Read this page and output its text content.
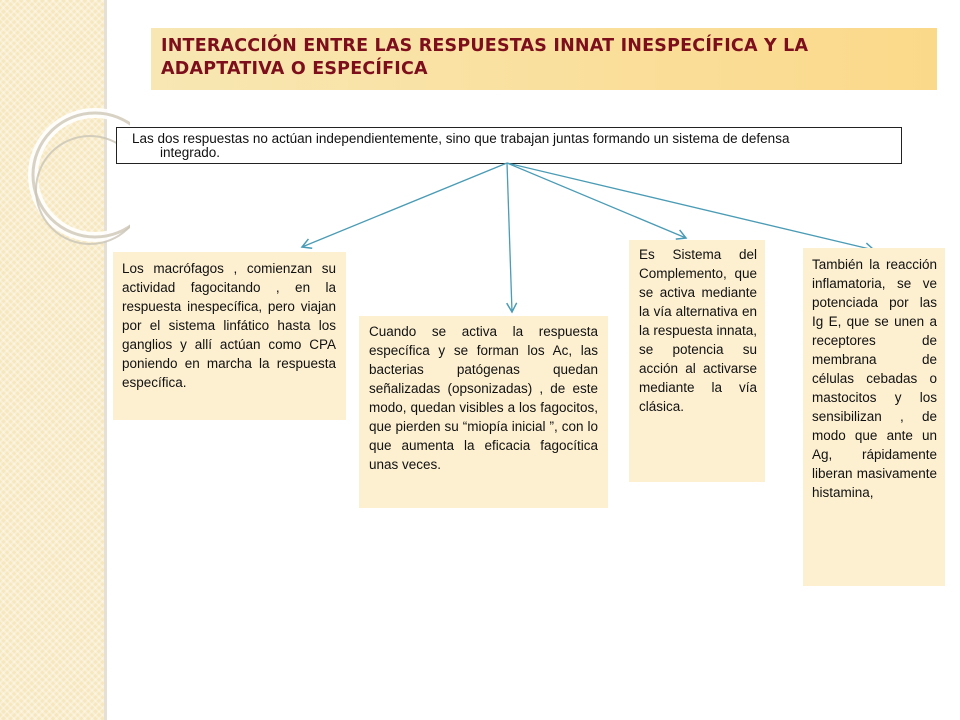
INTERACCIÓN ENTRE LAS RESPUESTAS INNAT INESPECÍFICA Y LA ADAPTATIVA O ESPECÍFICA
Las dos respuestas no actúan independientemente, sino que trabajan juntas formando un sistema de defensa
integrado.
Los macrófagos , comienzan su actividad fagocitando , en la respuesta inespecífica, pero viajan por el sistema linfático hasta los ganglios y allí actúan como CPA poniendo en marcha la respuesta específica.
Cuando se activa la respuesta específica y se forman los Ac, las bacterias patógenas quedan señalizadas (opsonizadas) , de este modo, quedan visibles a los fagocitos, que pierden su “miopía inicial ”, con lo que aumenta la eficacia fagocítica unas veces.
Es Sistema del Complemento, que se activa mediante la vía alternativa en la respuesta innata, se potencia su acción al activarse mediante la vía clásica.
También la reacción inflamatoria, se ve potenciada por las Ig E, que se unen a receptores de membrana de células cebadas o mastocitos y los sensibilizan , de modo que ante un Ag, rápidamente liberan masivamente histamina,
